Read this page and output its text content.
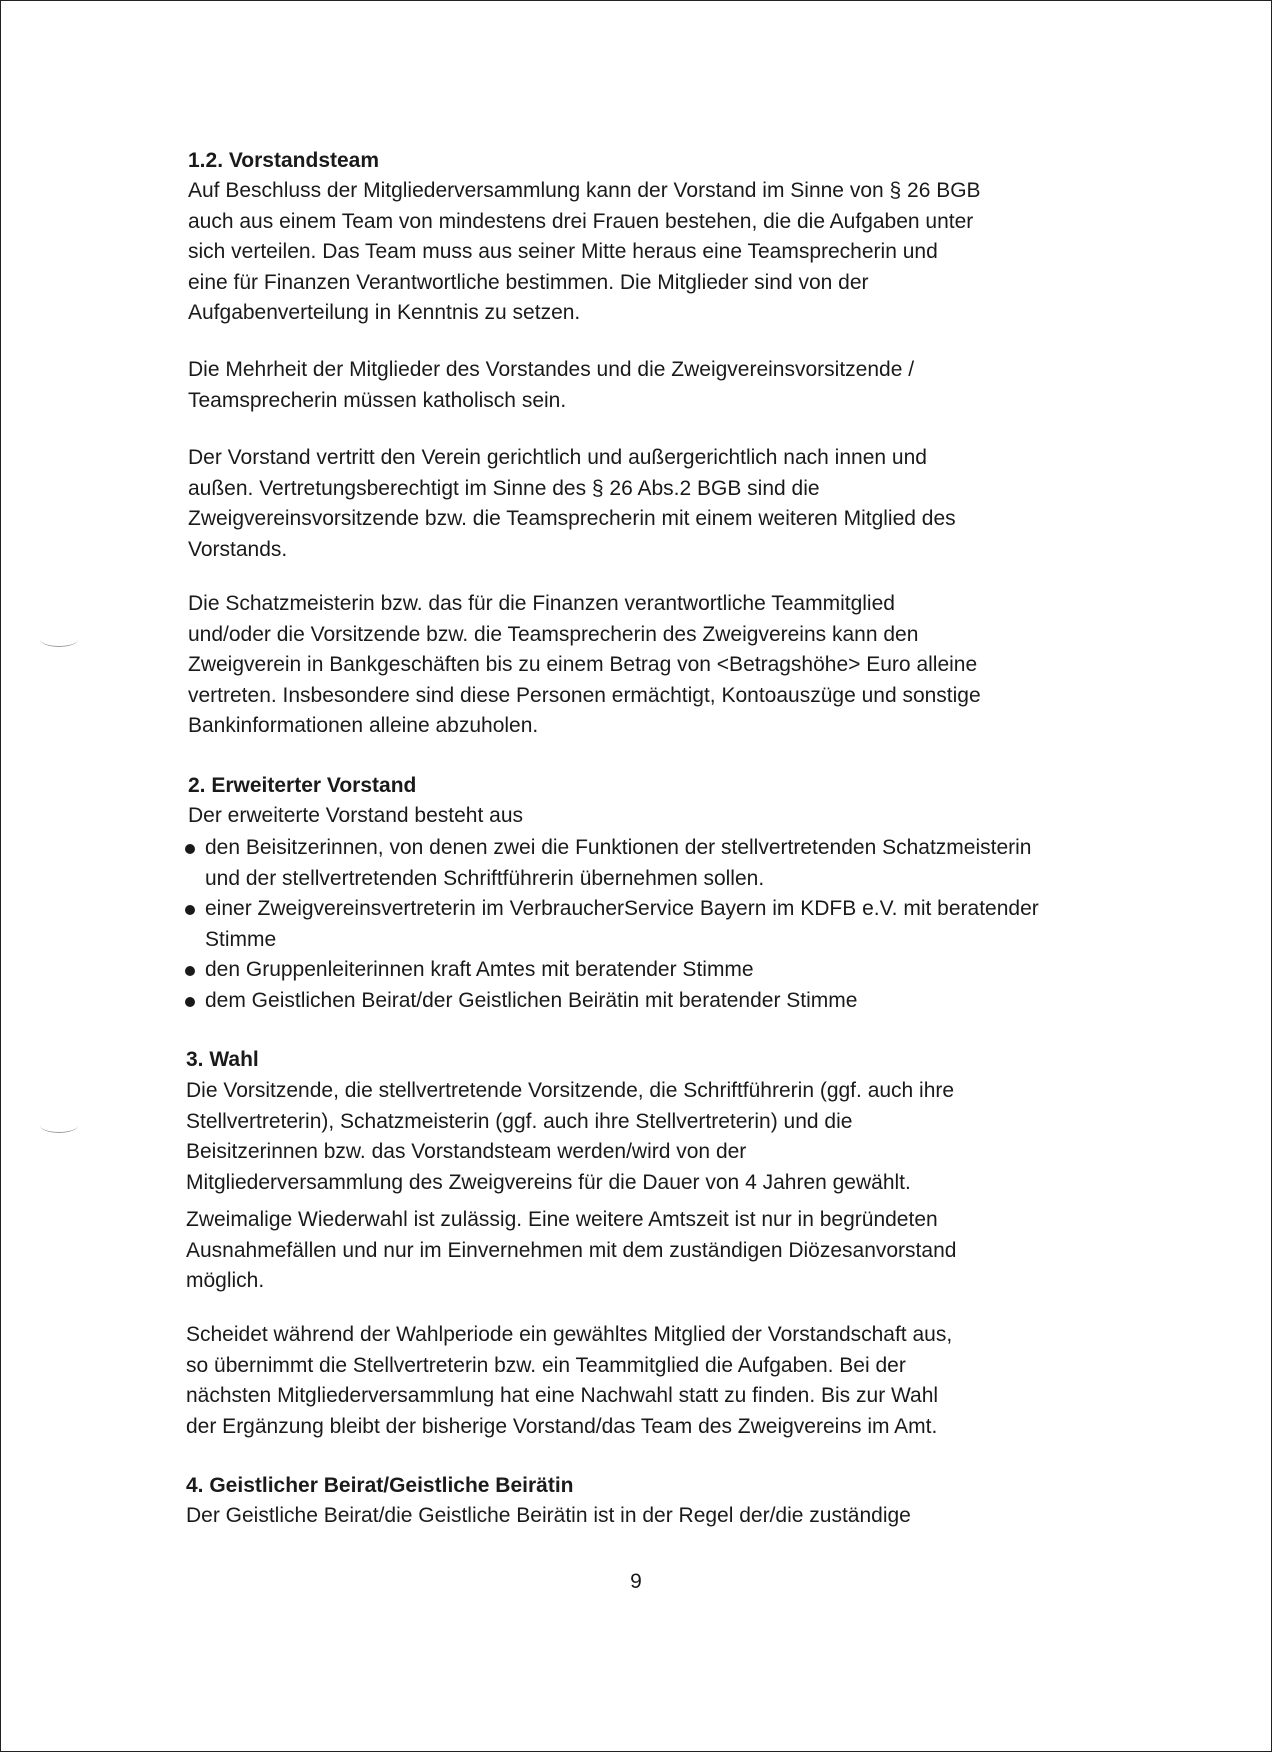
1.2. Vorstandsteam
Auf Beschluss der Mitgliederversammlung kann der Vorstand im Sinne von § 26 BGB
auch aus einem Team von mindestens drei Frauen bestehen, die die Aufgaben unter
sich verteilen. Das Team muss aus seiner Mitte heraus eine Teamsprecherin und
eine für Finanzen Verantwortliche bestimmen. Die Mitglieder sind von der
Aufgabenverteilung in Kenntnis zu setzen.
Die Mehrheit der Mitglieder des Vorstandes und die Zweigvereinsvorsitzende /
Teamsprecherin müssen katholisch sein.
Der Vorstand vertritt den Verein gerichtlich und außergerichtlich nach innen und
außen. Vertretungsberechtigt im Sinne des § 26 Abs.2 BGB sind die
Zweigvereinsvorsitzende bzw. die Teamsprecherin mit einem weiteren Mitglied des
Vorstands.
Die Schatzmeisterin bzw. das für die Finanzen verantwortliche Teammitglied
und/oder die Vorsitzende bzw. die Teamsprecherin des Zweigvereins kann den
Zweigverein in Bankgeschäften bis zu einem Betrag von <Betragshöhe> Euro alleine
vertreten. Insbesondere sind diese Personen ermächtigt, Kontoauszüge und sonstige
Bankinformationen alleine abzuholen.
2. Erweiterter Vorstand
Der erweiterte Vorstand besteht aus
den Beisitzerinnen, von denen zwei die Funktionen der stellvertretenden Schatzmeisterin
und der stellvertretenden Schriftführerin übernehmen sollen.
einer Zweigvereinsvertreterin im VerbraucherService Bayern im KDFB e.V. mit beratender
Stimme
den Gruppenleiterinnen kraft Amtes mit beratender Stimme
dem Geistlichen Beirat/der Geistlichen Beirätin mit beratender Stimme
3. Wahl
Die Vorsitzende, die stellvertretende Vorsitzende, die Schriftführerin (ggf. auch ihre
Stellvertreterin), Schatzmeisterin (ggf. auch ihre Stellvertreterin) und die
Beisitzerinnen bzw. das Vorstandsteam werden/wird von der
Mitgliederversammlung des Zweigvereins für die Dauer von 4 Jahren gewählt.
Zweimalige Wiederwahl ist zulässig. Eine weitere Amtszeit ist nur in begründeten
Ausnahmefällen und nur im Einvernehmen mit dem zuständigen Diözesanvorstand
möglich.
Scheidet während der Wahlperiode ein gewähltes Mitglied der Vorstandschaft aus,
so übernimmt die Stellvertreterin bzw. ein Teammitglied die Aufgaben. Bei der
nächsten Mitgliederversammlung hat eine Nachwahl statt zu finden. Bis zur Wahl
der Ergänzung bleibt der bisherige Vorstand/das Team des Zweigvereins im Amt.
4. Geistlicher Beirat/Geistliche Beirätin
Der Geistliche Beirat/die Geistliche Beirätin ist in der Regel der/die zuständige
9
